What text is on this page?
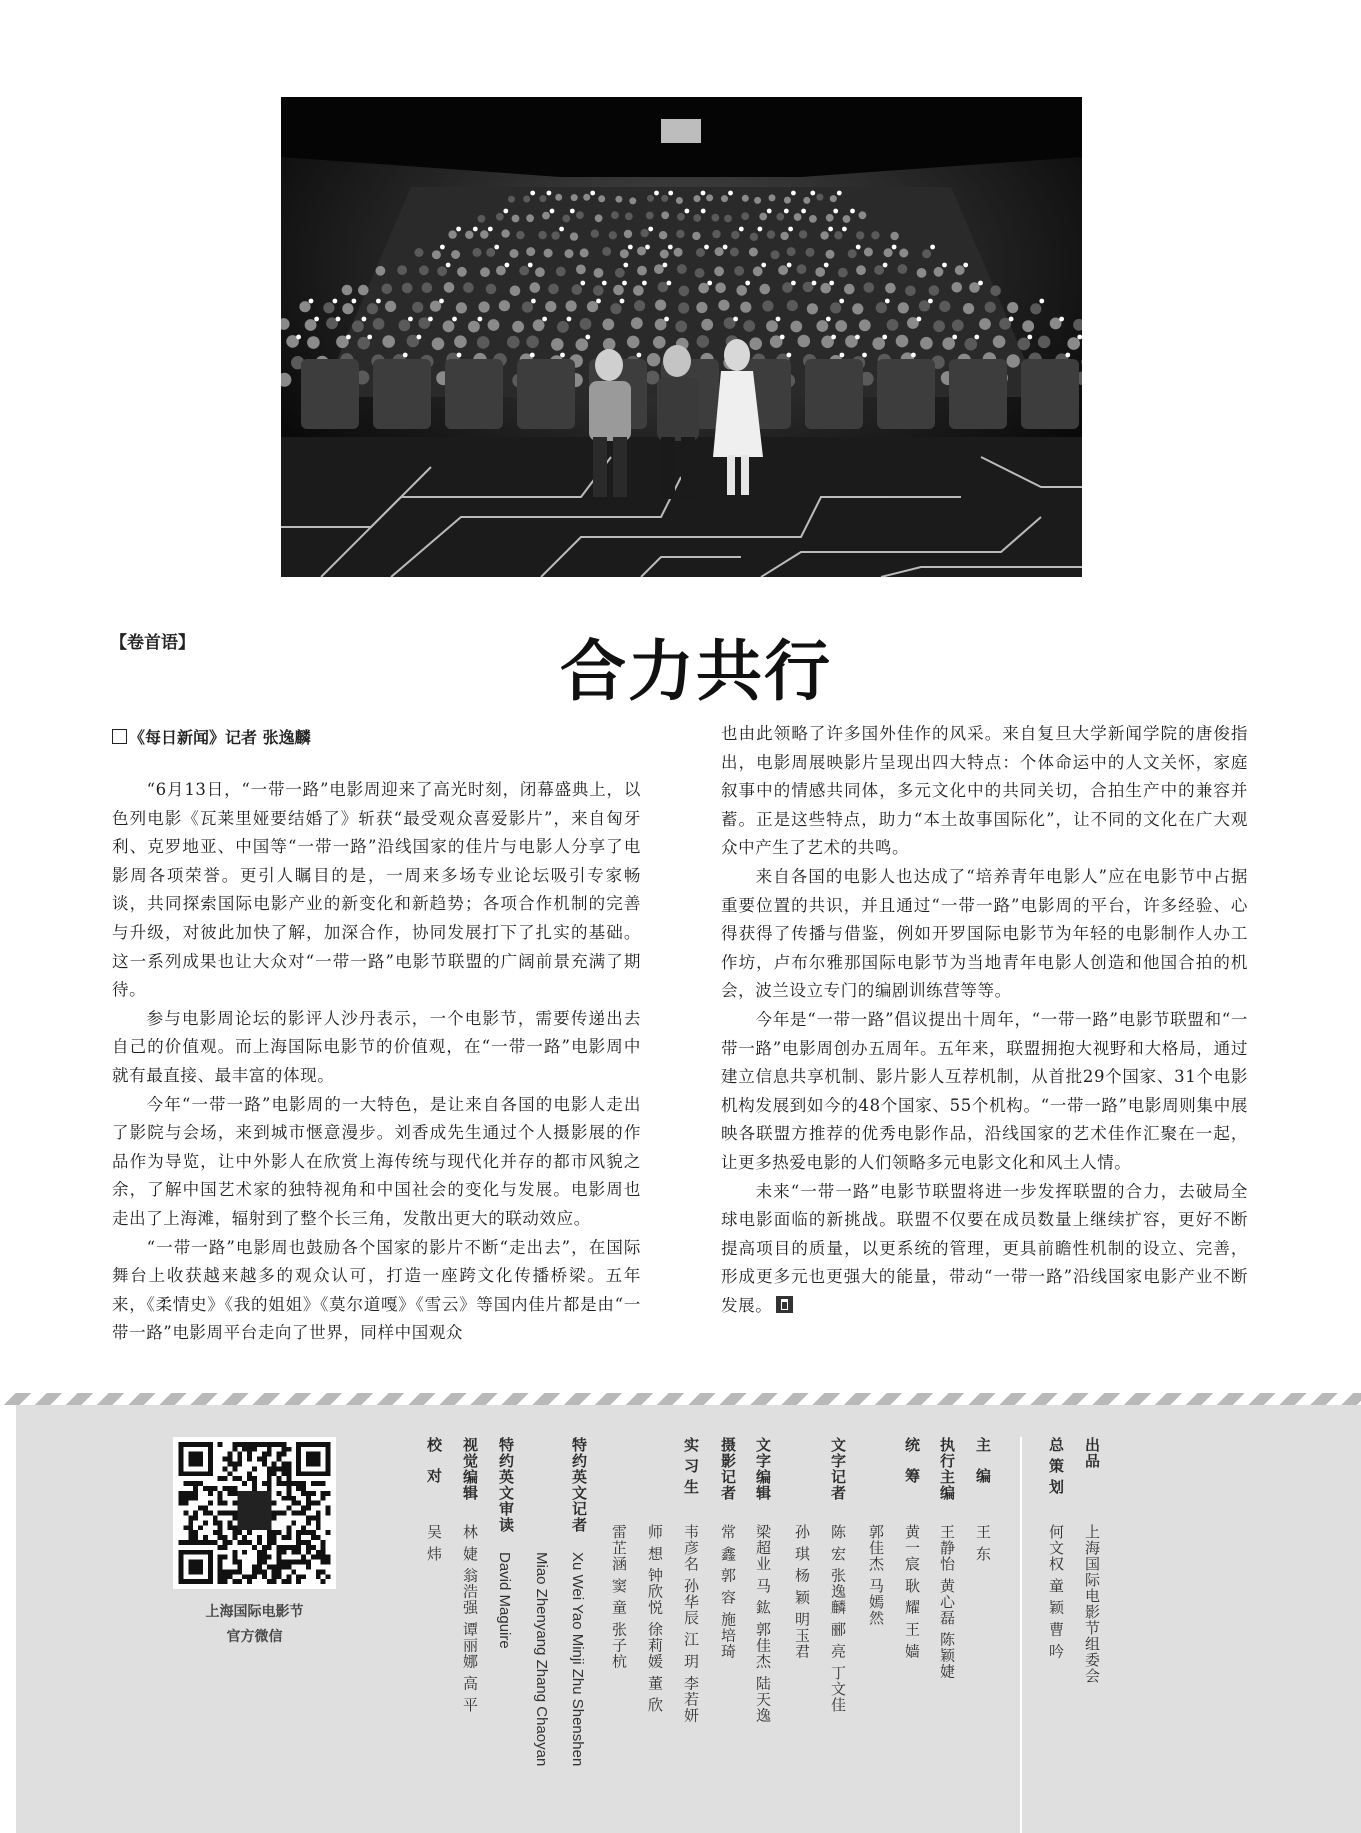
【卷首语】	合力共行
《每日新闻》记者 张逸麟

“6月13日，“一带一路”电影周迎来了高光时刻，闭幕盛典上，以色列电影《瓦莱里娅要结婚了》斩获“最受观众喜爱影片”，来自匈牙利、克罗地亚、中国等“一带一路”沿线国家的佳片与电影人分享了电影周各项荣誉。更引人瞩目的是，一周来多场专业论坛吸引专家畅谈，共同探索国际电影产业的新变化和新趋势；各项合作机制的完善与升级，对彼此加快了解，加深合作，协同发展打下了扎实的基础。这一系列成果也让大众对“一带一路”电影节联盟的广阔前景充满了期待。

参与电影周论坛的影评人沙丹表示，一个电影节，需要传递出去自己的价值观。而上海国际电影节的价值观，在“一带一路”电影周中就有最直接、最丰富的体现。

今年“一带一路”电影周的一大特色，是让来自各国的电影人走出了影院与会场，来到城市惬意漫步。刘香成先生通过个人摄影展的作品作为导览，让中外影人在欣赏上海传统与现代化并存的都市风貌之余，了解中国艺术家的独特视角和中国社会的变化与发展。电影周也走出了上海滩，辐射到了整个长三角，发散出更大的联动效应。

“一带一路”电影周也鼓励各个国家的影片不断“走出去”，在国际舞台上收获越来越多的观众认可，打造一座跨文化传播桥梁。五年来，《柔情史》《我的姐姐》《莫尔道嘎》《雪云》等国内佳片都是由“一带一路”电影周平台走向了世界，同样中国观众

也由此领略了许多国外佳作的风采。来自复旦大学新闻学院的唐俊指出，电影周展映影片呈现出四大特点：个体命运中的人文关怀，家庭叙事中的情感共同体，多元文化中的共同关切，合拍生产中的兼容并蓄。正是这些特点，助力“本土故事国际化”，让不同的文化在广大观众中产生了艺术的共鸣。

来自各国的电影人也达成了“培养青年电影人”应在电影节中占据重要位置的共识，并且通过“一带一路”电影周的平台，许多经验、心得获得了传播与借鉴，例如开罗国际电影节为年轻的电影制作人办工作坊，卢布尔雅那国际电影节为当地青年电影人创造和他国合拍的机会，波兰设立专门的编剧训练营等等。

今年是“一带一路”倡议提出十周年，“一带一路”电影节联盟和“一带一路”电影周创办五周年。五年来，联盟拥抱大视野和大格局，通过建立信息共享机制、影片影人互荐机制，从首批29个国家、31个电影机构发展到如今的48个国家、55个机构。“一带一路”电影周则集中展映各联盟方推荐的优秀电影作品，沿线国家的艺术佳作汇聚在一起，让更多热爱电影的人们领略多元电影文化和风土人情。

未来“一带一路”电影节联盟将进一步发挥联盟的合力，去破局全球电影面临的新挑战。联盟不仅要在成员数量上继续扩容，更好不断提高项目的质量，以更系统的管理，更具前瞻性机制的设立、完善，形成更多元也更强大的能量，带动“一带一路”沿线国家电影产业不断发展。

上海国际电影节
官方微信
出品
上海国际电影节组委会
总策划
何文权 童 颖 曹 吟
主编
王 东
执行主编
王静怡 黄心磊 陈颖婕
统筹
黄一宸 耿 耀 王 嫱
郭佳杰 马嫣然
文字记者
陈 宏 张逸麟 郦 亮 丁文佳
孙 琪 杨 颖 明玉君
文字编辑
梁超业 马 鈜 郭佳杰 陆天逸
摄影记者
常 鑫 郭 容 施培琦
实习生
韦彦名 孙华辰 江 玥 李若妍
师 想 钟欣悦 徐莉媛 董 欣
雷芷涵 窦 童 张子杭
特约英文记者
Xu Wei Yao Minji Zhu Shenshen
Miao Zhenyang Zhang Chaoyan
特约英文审读
David Maguire
视觉编辑
林 婕 翁浩强 谭丽娜 高 平
校对
吴 炜
